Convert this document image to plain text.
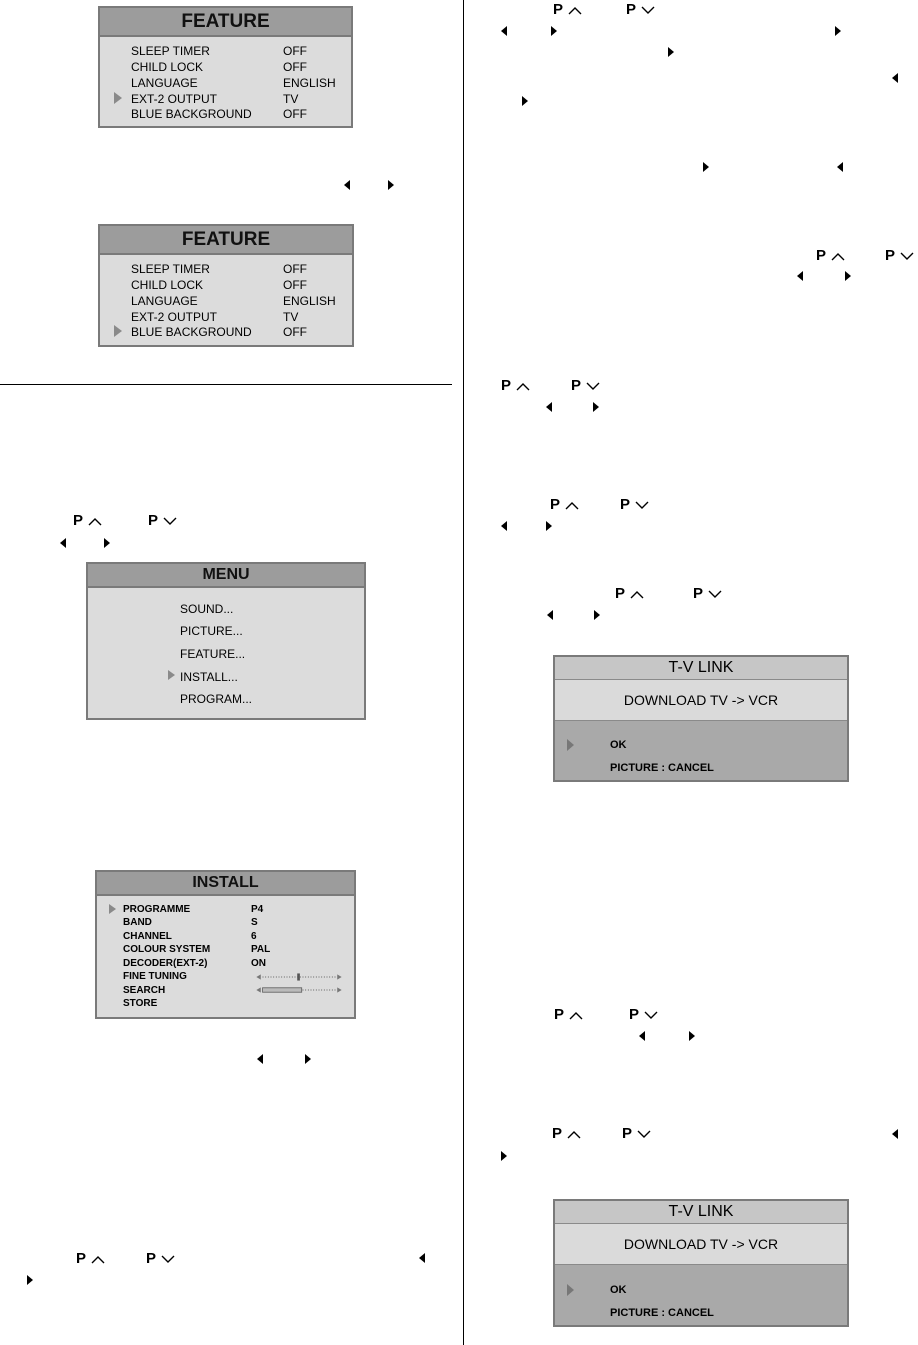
FEATURE
SLEEP TIMER	OFF
CHILD LOCK	OFF
LANGUAGE	ENGLISH
EXT-2 OUTPUT	TV
BLUE BACKGROUND	OFF
FEATURE
SLEEP TIMER	OFF
CHILD LOCK	OFF
LANGUAGE	ENGLISH
EXT-2 OUTPUT	TV
BLUE BACKGROUND	OFF
P	P
MENU
SOUND...
PICTURE...
FEATURE...
INSTALL...
PROGRAM...
INSTALL
PROGRAMME	P4
BAND	S
CHANNEL	6
COLOUR SYSTEM	PAL
DECODER(EXT-2)	ON
FINE TUNING
SEARCH
STORE
P	P
P	P
P	P
P	P
P	P
P	P
T-V LINK
DOWNLOAD TV -> VCR
OK
PICTURE : CANCEL
P	P
P	P
T-V LINK
DOWNLOAD TV -> VCR
OK
PICTURE : CANCEL
